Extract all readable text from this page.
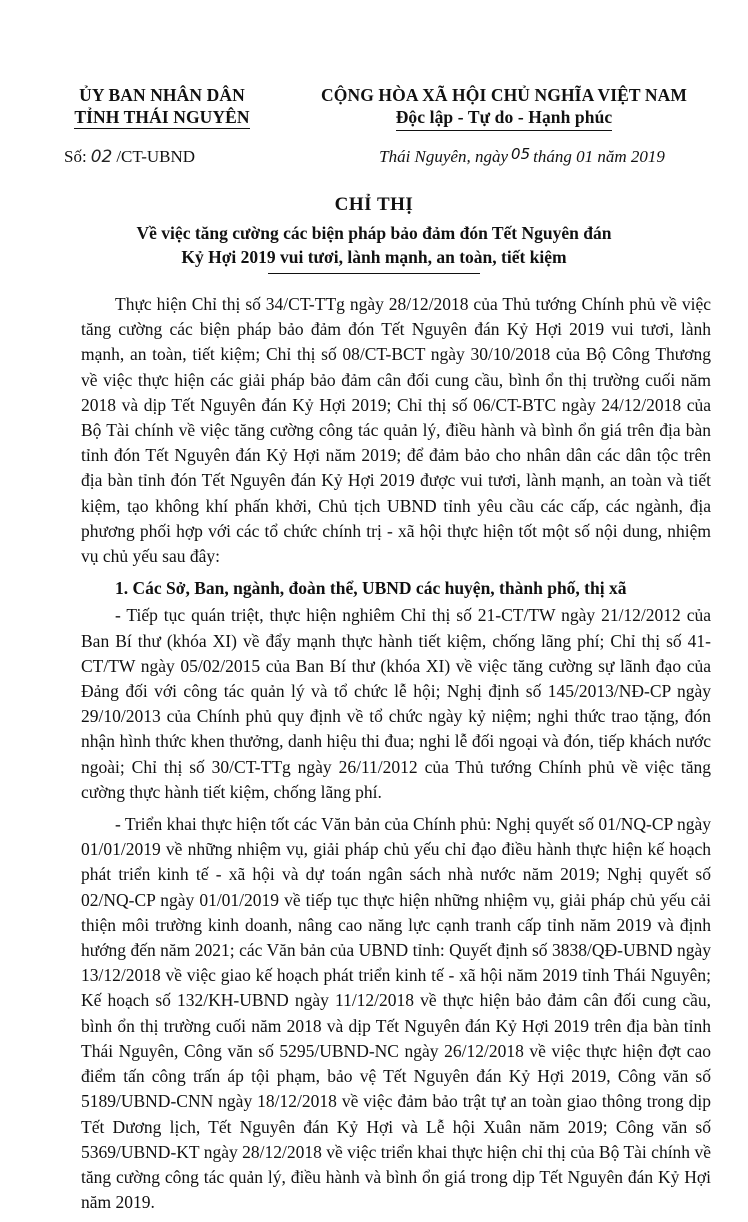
ỦY BAN NHÂN DÂN
TỈNH THÁI NGUYÊN
CỘNG HÒA XÃ HỘI CHỦ NGHĨA VIỆT NAM
Độc lập - Tự do - Hạnh phúc
Số: 02 /CT-UBND	Thái Nguyên, ngày 05 tháng 01 năm 2019
CHỈ THỊ
Về việc tăng cường các biện pháp bảo đảm đón Tết Nguyên đán
Kỷ Hợi 2019 vui tươi, lành mạnh, an toàn, tiết kiệm

Thực hiện Chỉ thị số 34/CT-TTg ngày 28/12/2018 của Thủ tướng Chính phủ về việc tăng cường các biện pháp bảo đảm đón Tết Nguyên đán Kỷ Hợi 2019 vui tươi, lành mạnh, an toàn, tiết kiệm; Chỉ thị số 08/CT-BCT ngày 30/10/2018 của Bộ Công Thương về việc thực hiện các giải pháp bảo đảm cân đối cung cầu, bình ổn thị trường cuối năm 2018 và dịp Tết Nguyên đán Kỷ Hợi 2019; Chỉ thị số 06/CT-BTC ngày 24/12/2018 của Bộ Tài chính về việc tăng cường công tác quản lý, điều hành và bình ổn giá trên địa bàn tỉnh đón Tết Nguyên đán Kỷ Hợi năm 2019; để đảm bảo cho nhân dân các dân tộc trên địa bàn tỉnh đón Tết Nguyên đán Kỷ Hợi 2019 được vui tươi, lành mạnh, an toàn và tiết kiệm, tạo không khí phấn khởi, Chủ tịch UBND tỉnh yêu cầu các cấp, các ngành, địa phương phối hợp với các tổ chức chính trị - xã hội thực hiện tốt một số nội dung, nhiệm vụ chủ yếu sau đây:

1. Các Sở, Ban, ngành, đoàn thể, UBND các huyện, thành phố, thị xã

- Tiếp tục quán triệt, thực hiện nghiêm Chỉ thị số 21-CT/TW ngày 21/12/2012 của Ban Bí thư (khóa XI) về đẩy mạnh thực hành tiết kiệm, chống lãng phí; Chỉ thị số 41-CT/TW ngày 05/02/2015 của Ban Bí thư (khóa XI) về việc tăng cường sự lãnh đạo của Đảng đối với công tác quản lý và tổ chức lễ hội; Nghị định số 145/2013/NĐ-CP ngày 29/10/2013 của Chính phủ quy định về tổ chức ngày kỷ niệm; nghi thức trao tặng, đón nhận hình thức khen thưởng, danh hiệu thi đua; nghi lễ đối ngoại và đón, tiếp khách nước ngoài; Chỉ thị số 30/CT-TTg ngày 26/11/2012 của Thủ tướng Chính phủ về việc tăng cường thực hành tiết kiệm, chống lãng phí.

- Triển khai thực hiện tốt các Văn bản của Chính phủ: Nghị quyết số 01/NQ-CP ngày 01/01/2019 về những nhiệm vụ, giải pháp chủ yếu chỉ đạo điều hành thực hiện kế hoạch phát triển kinh tế - xã hội và dự toán ngân sách nhà nước năm 2019; Nghị quyết số 02/NQ-CP ngày 01/01/2019 về tiếp tục thực hiện những nhiệm vụ, giải pháp chủ yếu cải thiện môi trường kinh doanh, nâng cao năng lực cạnh tranh cấp tỉnh năm 2019 và định hướng đến năm 2021; các Văn bản của UBND tỉnh: Quyết định số 3838/QĐ-UBND ngày 13/12/2018 về việc giao kế hoạch phát triển kinh tế - xã hội năm 2019 tỉnh Thái Nguyên; Kế hoạch số 132/KH-UBND ngày 11/12/2018 về thực hiện bảo đảm cân đối cung cầu, bình ổn thị trường cuối năm 2018 và dịp Tết Nguyên đán Kỷ Hợi 2019 trên địa bàn tỉnh Thái Nguyên, Công văn số 5295/UBND-NC ngày 26/12/2018 về việc thực hiện đợt cao điểm tấn công trấn áp tội phạm, bảo vệ Tết Nguyên đán Kỷ Hợi 2019, Công văn số 5189/UBND-CNN ngày 18/12/2018 về việc đảm bảo trật tự an toàn giao thông trong dịp Tết Dương lịch, Tết Nguyên đán Kỷ Hợi và Lễ hội Xuân năm 2019; Công văn số 5369/UBND-KT ngày 28/12/2018 về việc triển khai thực hiện chỉ thị của Bộ Tài chính về tăng cường công tác quản lý, điều hành và bình ổn giá trong dịp Tết Nguyên đán Kỷ Hợi năm 2019.
